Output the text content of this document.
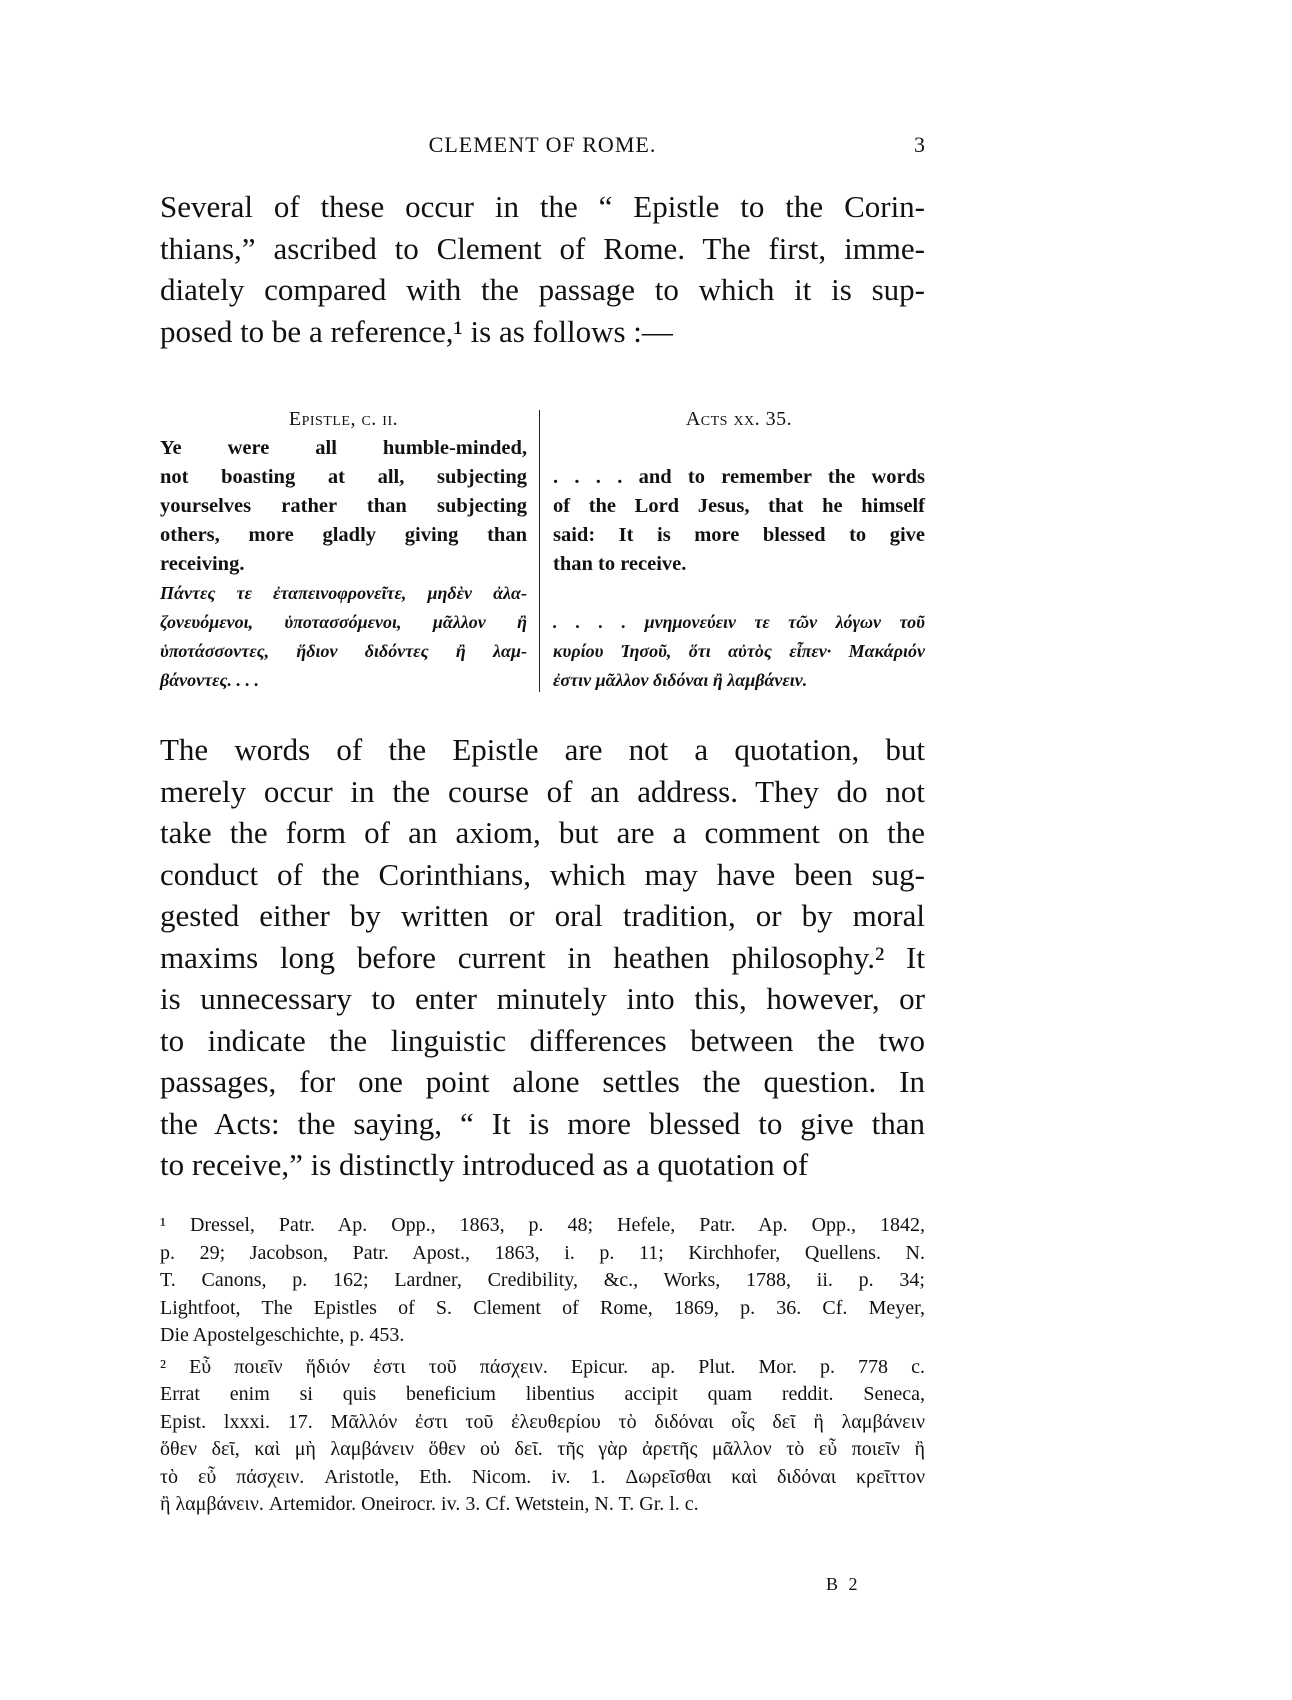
CLEMENT OF ROME.	3
Several of these occur in the “ Epistle to the Corin-
thians,” ascribed to Clement of Rome. The first, imme-
diately compared with the passage to which it is sup-
posed to be a reference,¹ is as follows :—
Epistle, c. ii.
Ye were all humble-minded,
not boasting at all, subjecting
yourselves rather than subjecting
others, more gladly giving than
receiving.
Πάντες τε ἐταπεινοφρονεῖτε, μηδὲν ἀλα-
ζονευόμενοι, ὑποτασσόμενοι, μᾶλλον ἢ
ὑποτάσσοντες, ἥδιον διδόντες ἢ λαμ-
βάνοντες. . . .
Acts xx. 35.
. . . . and to remember the words
of the Lord Jesus, that he himself
said: It is more blessed to give
than to receive.
. . . . μνημονεύειν τε τῶν λόγων τοῦ
κυρίου Ἰησοῦ, ὅτι αὐτὸς εἶπεν· Μακάριόν
ἐστιν μᾶλλον διδόναι ἢ λαμβάνειν.
The words of the Epistle are not a quotation, but
merely occur in the course of an address. They do not
take the form of an axiom, but are a comment on the
conduct of the Corinthians, which may have been sug-
gested either by written or oral tradition, or by moral
maxims long before current in heathen philosophy.² It
is unnecessary to enter minutely into this, however, or
to indicate the linguistic differences between the two
passages, for one point alone settles the question. In
the Acts: the saying, “ It is more blessed to give than
to receive,” is distinctly introduced as a quotation of
¹ Dressel, Patr. Ap. Opp., 1863, p. 48; Hefele, Patr. Ap. Opp., 1842,
p. 29; Jacobson, Patr. Apost., 1863, i. p. 11; Kirchhofer, Quellens. N.
T. Canons, p. 162; Lardner, Credibility, &c., Works, 1788, ii. p. 34;
Lightfoot, The Epistles of S. Clement of Rome, 1869, p. 36. Cf. Meyer,
Die Apostelgeschichte, p. 453.
² Εὖ ποιεῖν ἥδιόν ἐστι τοῦ πάσχειν. Epicur. ap. Plut. Mor. p. 778 c.
Errat enim si quis beneficium libentius accipit quam reddit. Seneca,
Epist. lxxxi. 17. Μᾶλλόν ἐστι τοῦ ἐλευθερίου τὸ διδόναι οἷς δεῖ ἢ λαμβάνειν
ὅθεν δεῖ, καὶ μὴ λαμβάνειν ὅθεν οὐ δεῖ. τῆς γὰρ ἀρετῆς μᾶλλον τὸ εὖ ποιεῖν ἢ
τὸ εὖ πάσχειν. Aristotle, Eth. Nicom. iv. 1. Δωρεῖσθαι καὶ διδόναι κρεῖττον
ἢ λαμβάνειν. Artemidor. Oneirocr. iv. 3. Cf. Wetstein, N. T. Gr. l. c.
B 2
